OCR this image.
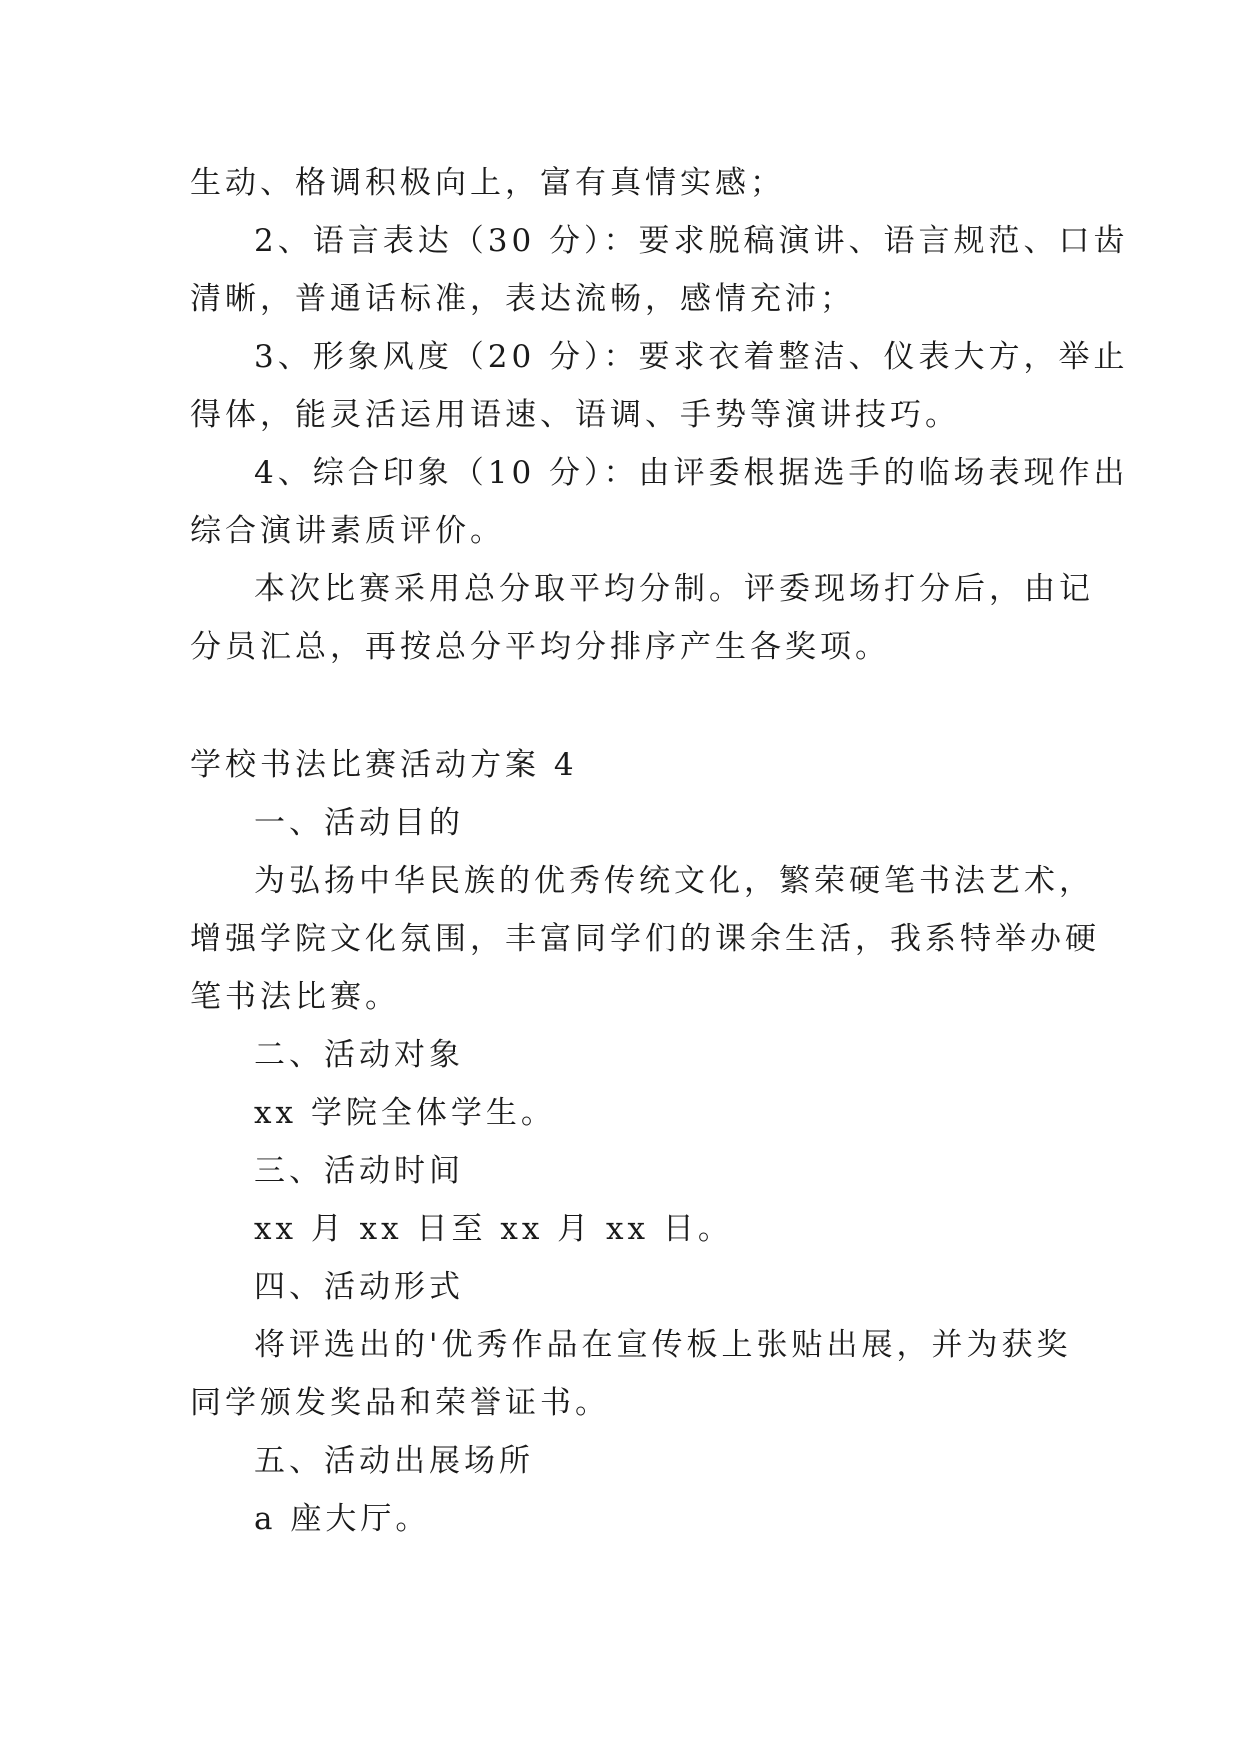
生动、格调积极向上，富有真情实感；
2、语言表达（30 分）：要求脱稿演讲、语言规范、口齿
清晰，普通话标准，表达流畅，感情充沛；
3、形象风度（20 分）：要求衣着整洁、仪表大方，举止
得体，能灵活运用语速、语调、手势等演讲技巧。
4、综合印象（10 分）：由评委根据选手的临场表现作出
综合演讲素质评价。
本次比赛采用总分取平均分制。评委现场打分后，由记
分员汇总，再按总分平均分排序产生各奖项。
学校书法比赛活动方案 4
一、活动目的
为弘扬中华民族的优秀传统文化，繁荣硬笔书法艺术，
增强学院文化氛围，丰富同学们的课余生活，我系特举办硬
笔书法比赛。
二、活动对象
xx 学院全体学生。
三、活动时间
xx 月 xx 日至 xx 月 xx 日。
四、活动形式
将评选出的'优秀作品在宣传板上张贴出展，并为获奖
同学颁发奖品和荣誉证书。
五、活动出展场所
a 座大厅。
